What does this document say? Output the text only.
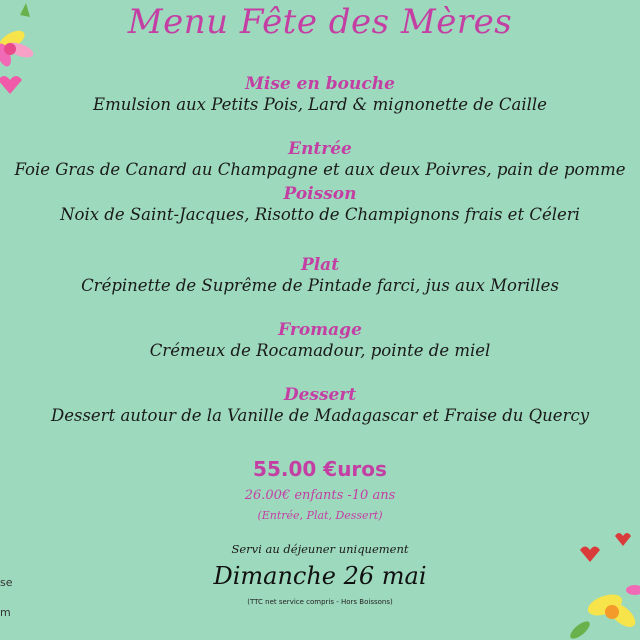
Menu Fête des Mères
Mise en bouche
Emulsion aux Petits Pois, Lard & mignonette de Caille
Entrée
Foie Gras de Canard au Champagne et aux deux Poivres, pain de pomme
Poisson
Noix de Saint-Jacques, Risotto de Champignons frais et Céleri
Plat
Crépinette de Suprême de Pintade farci, jus aux Morilles
Fromage
Crémeux de Rocamadour, pointe de miel
Dessert
Dessert autour de la Vanille de Madagascar et Fraise du Quercy
55.00 €uros
26.00€ enfants -10 ans
(Entrée, Plat, Dessert)
Servi au déjeuner uniquement
Dimanche 26 mai
(TTC net service compris - Hors Boissons)
se
m
